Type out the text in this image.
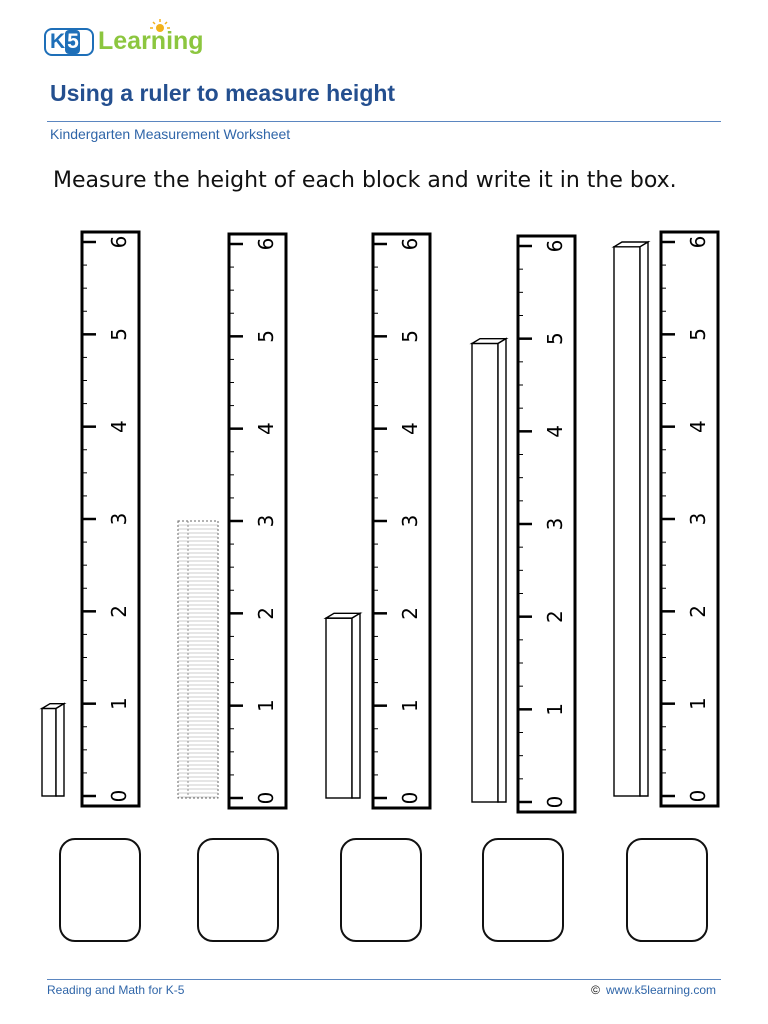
K 5 Learning
Using a ruler to measure height
Kindergarten Measurement Worksheet
Measure the height of each block and write it in the box.
0
1
2
3
4
5
6
0
1
2
3
4
5
6
0
1
2
3
4
5
6
0
1
2
3
4
5
6
0
1
2
3
4
5
6
Reading and Math for K-5	© www.k5learning.com
